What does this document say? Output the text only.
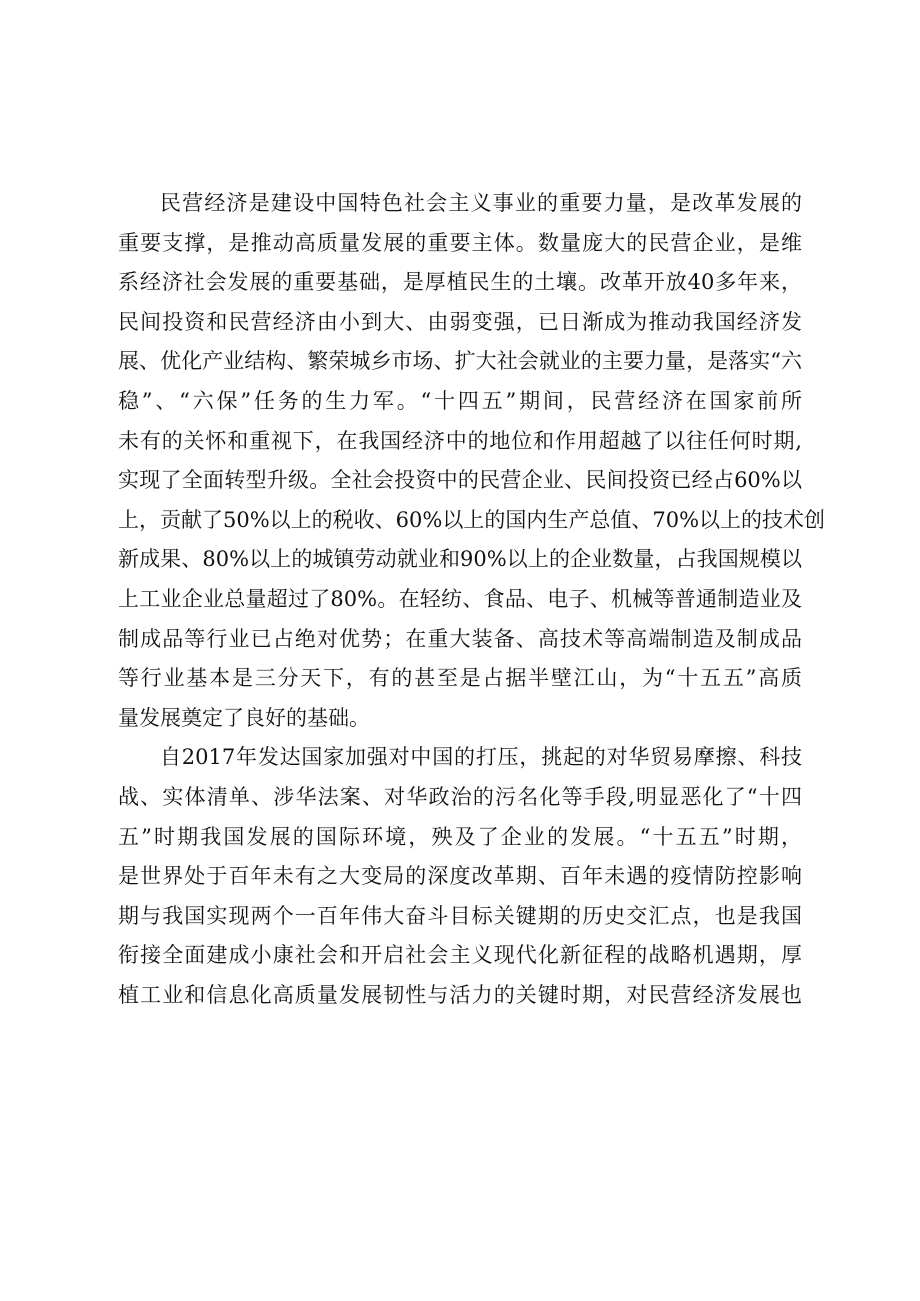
民营经济是建设中国特色社会主义事业的重要力量，是改革发展的
重要支撑，是推动高质量发展的重要主体。数量庞大的民营企业，是维
系经济社会发展的重要基础，是厚植民生的土壤。改革开放40多年来，
民间投资和民营经济由小到大、由弱变强，已日渐成为推动我国经济发
展、优化产业结构、繁荣城乡市场、扩大社会就业的主要力量，是落实“六
稳”、“六保”任务的生力军。“十四五”期间，民营经济在国家前所
未有的关怀和重视下，在我国经济中的地位和作用超越了以往任何时期,
实现了全面转型升级。全社会投资中的民营企业、民间投资已经占60%以
上，贡献了50%以上的税收、60%以上的国内生产总值、70%以上的技术创
新成果、80%以上的城镇劳动就业和90%以上的企业数量，占我国规模以
上工业企业总量超过了80%。在轻纺、食品、电子、机械等普通制造业及
制成品等行业已占绝对优势；在重大装备、高技术等高端制造及制成品
等行业基本是三分天下，有的甚至是占据半壁江山，为“十五五”高质
量发展奠定了良好的基础。
自2017年发达国家加强对中国的打压，挑起的对华贸易摩擦、科技
战、实体清单、涉华法案、对华政治的污名化等手段,明显恶化了“十四
五”时期我国发展的国际环境，殃及了企业的发展。“十五五”时期，
是世界处于百年未有之大变局的深度改革期、百年未遇的疫情防控影响
期与我国实现两个一百年伟大奋斗目标关键期的历史交汇点，也是我国
衔接全面建成小康社会和开启社会主义现代化新征程的战略机遇期，厚
植工业和信息化高质量发展韧性与活力的关键时期，对民营经济发展也
